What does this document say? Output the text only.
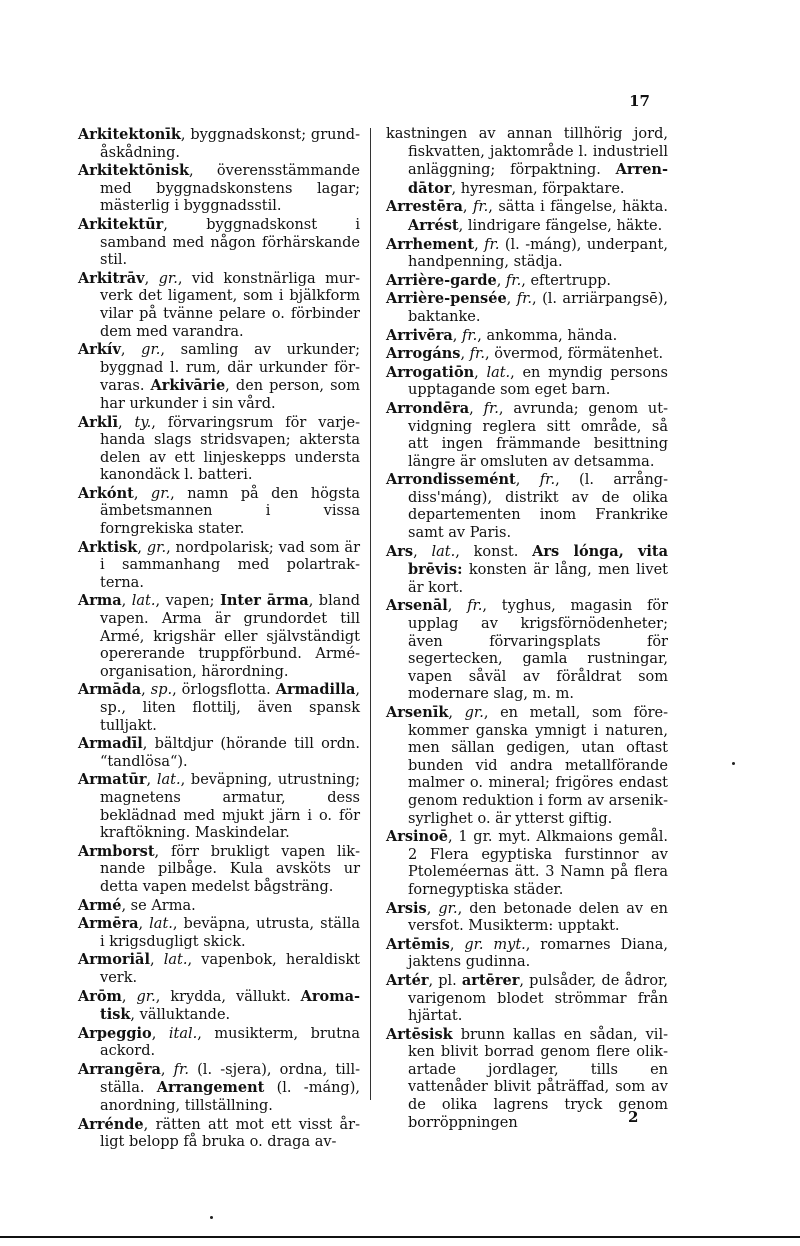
17

Arkitektonīk, byggnadskonst; grundåskådning.

Arkitektōnisk, överensstämmande med byggnadskonstens lagar; mästerlig i byggnadsstil.

Arkitektūr, byggnadskonst i samband med någon förhärskande stil.

Arkitrāv, gr., vid konstnärliga murverk det ligament, som i bjälkform vilar på tvänne pelare o. förbinder dem med varandra.

Arkív, gr., samling av urkunder; byggnad l. rum, där urkunder förvaras. Arkivārie, den person, som har urkunder i sin vård.

Arklī, ty., förvaringsrum för varjehanda slags stridsvapen; aktersta delen av ett linjeskepps understa kanondäck l. batteri.

Arkónt, gr., namn på den högsta ämbetsmannen i vissa forngrekiska stater.

Arktisk, gr., nordpolarisk; vad som är i sammanhang med polartrakterna.

Arma, lat., vapen; Inter ārma, bland vapen. Arma är grundordet till Armé, krigshär eller självständigt opererande truppförbund. Arméorganisation, härordning.

Armāda, sp., örlogsflotta. Armadilla, sp., liten flottilj, även spansk tulljakt.

Armadīl, bältdjur (hörande till ordn. “tandlösa“).

Armatūr, lat., beväpning, utrustning; magnetens armatur, dess beklädnad med mjukt järn i o. för kraftökning. Maskindelar.

Armborst, förr brukligt vapen liknande pilbåge. Kula avsköts ur detta vapen medelst bågsträng.

Armé, se Arma.

Armēra, lat., beväpna, utrusta, ställa i krigsdugligt skick.

Armoriāl, lat., vapenbok, heraldiskt verk.

Arōm, gr., krydda, vällukt. Aromatisk, välluktande.

Arpeggio, ital., musikterm, brutna ackord.

Arrangēra, fr. (l. -sjera), ordna, tillställa. Arrangement (l. -máng), anordning, tillställning.

Arrénde, rätten att mot ett visst årligt belopp få bruka o. draga av-

kastningen av annan tillhörig jord, fiskvatten, jaktområde l. industriell anläggning; förpaktning. Arrendātor, hyresman, förpaktare.

Arrestēra, fr., sätta i fängelse, häkta. Arrést, lindrigare fängelse, häkte.

Arrhement, fr. (l. -máng), underpant, handpenning, städja.

Arrière-garde, fr., eftertrupp.

Arrière-pensée, fr., (l. arriärpangsē), baktanke.

Arrivēra, fr., ankomma, hända.

Arrogáns, fr., övermod, förmätenhet.

Arrogatiōn, lat., en myndig persons upptagande som eget barn.

Arrondēra, fr., avrunda; genom utvidgning reglera sitt område, så att ingen främmande besittning längre är omsluten av detsamma.

Arrondissemént, fr., (l. arrångdiss'máng), distrikt av de olika departementen inom Frankrike samt av Paris.

Ars, lat., konst. Ars lónga, vita brēvis: konsten är lång, men livet är kort.

Arsenāl, fr., tyghus, magasin för upplag av krigsförnödenheter; även förvaringsplats för segertecken, gamla rustningar, vapen såväl av föråldrat som modernare slag, m. m.

Arsenīk, gr., en metall, som förekommer ganska ymnigt i naturen, men sällan gedigen, utan oftast bunden vid andra metallförande malmer o. mineral; frigöres endast genom reduktion i form av arseniksyrlighet o. är ytterst giftig.

Arsinoē, 1 gr. myt. Alkmaions gemål. 2 Flera egyptiska furstinnor av Ptoleméernas ätt. 3 Namn på flera fornegyptiska städer.

Arsis, gr., den betonade delen av en versfot. Musikterm: upptakt.

Artēmis, gr. myt., romarnes Diana, jaktens gudinna.

Artér, pl. artērer, pulsåder, de ådror, varigenom blodet strömmar från hjärtat.

Artēsisk brunn kallas en sådan, vilken blivit borrad genom flere olikartade jordlager, tills en vattenåder blivit påträffad, som av de olika lagrens tryck genom borröppningen	2
